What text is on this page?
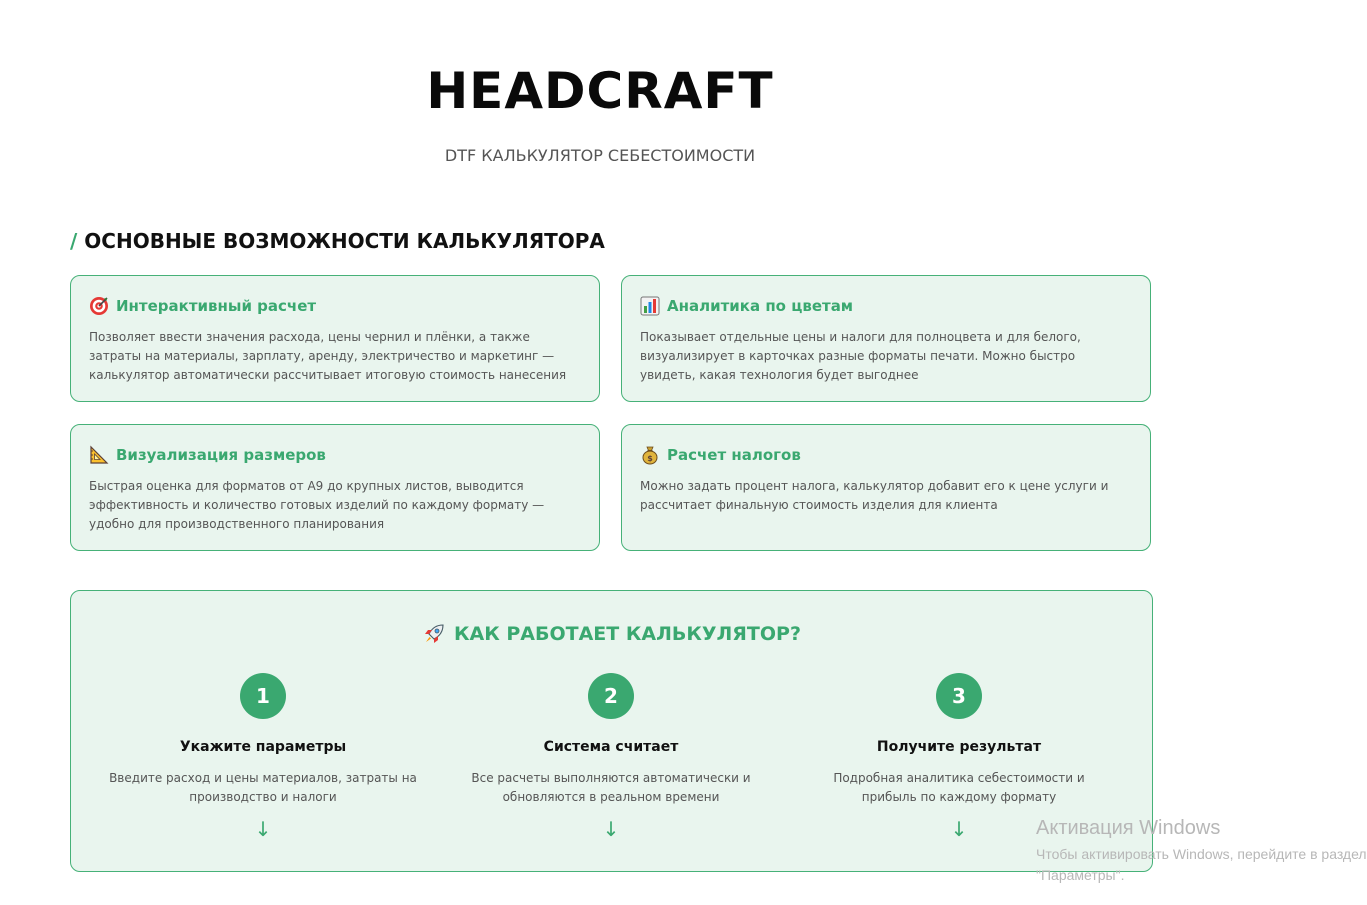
HEADCRAFT

DTF КАЛЬКУЛЯТОР СЕБЕСТОИМОСТИ

/ ОСНОВНЫЕ ВОЗМОЖНОСТИ КАЛЬКУЛЯТОРА
Интерактивный расчет

Позволяет ввести значения расхода, цены чернил и плёнки, а также затраты на материалы, зарплату, аренду, электричество и маркетинг — калькулятор автоматически рассчитывает итоговую стоимость нанесения

Аналитика по цветам

Показывает отдельные цены и налоги для полноцвета и для белого, визуализирует в карточках разные форматы печати. Можно быстро увидеть, какая технология будет выгоднее

Визуализация размеров

Быстрая оценка для форматов от А9 до крупных листов, выводится эффективность и количество готовых изделий по каждому формату — удобно для производственного планирования

$ Расчет налогов

Можно задать процент налога, калькулятор добавит его к цене услуги и рассчитает финальную стоимость изделия для клиента

КАК РАБОТАЕТ КАЛЬКУЛЯТОР?
1
Укажите параметры
Введите расход и цены материалов, затраты на производство и налоги
↓
2
Система считает
Все расчеты выполняются автоматически и обновляются в реальном времени
↓
3
Получите результат
Подробная аналитика себестоимости и прибыль по каждому формату
↓	Активация Windows

Чтобы активировать Windows, перейдите в раздел

"Параметры".
